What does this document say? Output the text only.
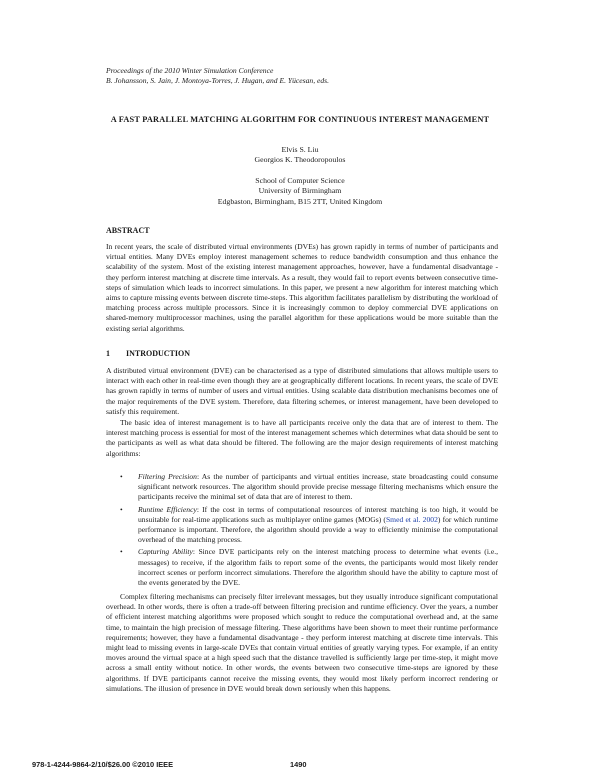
Proceedings of the 2010 Winter Simulation Conference
B. Johansson, S. Jain, J. Montoya-Torres, J. Hugan, and E. Yücesan, eds.
A FAST PARALLEL MATCHING ALGORITHM FOR CONTINUOUS INTEREST MANAGEMENT
Elvis S. Liu
Georgios K. Theodoropoulos
School of Computer Science
University of Birmingham
Edgbaston, Birmingham, B15 2TT, United Kingdom
ABSTRACT

In recent years, the scale of distributed virtual environments (DVEs) has grown rapidly in terms of number of participants and virtual entities. Many DVEs employ interest management schemes to reduce bandwidth consumption and thus enhance the scalability of the system. Most of the existing interest management approaches, however, have a fundamental disadvantage - they perform interest matching at discrete time intervals. As a result, they would fail to report events between consecutive time-steps of simulation which leads to incorrect simulations. In this paper, we present a new algorithm for interest matching which aims to capture missing events between discrete time-steps. This algorithm facilitates parallelism by distributing the workload of matching process across multiple processors. Since it is increasingly common to deploy commercial DVE applications on shared-memory multiprocessor machines, using the parallel algorithm for these applications would be more suitable than the existing serial algorithms.

1  INTRODUCTION

A distributed virtual environment (DVE) can be characterised as a type of distributed simulations that allows multiple users to interact with each other in real-time even though they are at geographically different locations. In recent years, the scale of DVE has grown rapidly in terms of number of users and virtual entities. Using scalable data distribution mechanisms becomes one of the major requirements of the DVE system. Therefore, data filtering schemes, or interest management, have been developed to satisfy this requirement.

The basic idea of interest management is to have all participants receive only the data that are of interest to them. The interest matching process is essential for most of the interest management schemes which determines what data should be sent to the participants as well as what data should be filtered. The following are the major design requirements of interest matching algorithms:

• Filtering Precision: As the number of participants and virtual entities increase, state broadcasting could consume significant network resources. The algorithm should provide precise message filtering mechanisms which ensure the participants receive the minimal set of data that are of interest to them.
• Runtime Efficiency: If the cost in terms of computational resources of interest matching is too high, it would be unsuitable for real-time applications such as multiplayer online games (MOGs) (Smed et al. 2002) for which runtime performance is important. Therefore, the algorithm should provide a way to efficiently minimise the computational overhead of the matching process.
• Capturing Ability: Since DVE participants rely on the interest matching process to determine what events (i.e., messages) to receive, if the algorithm fails to report some of the events, the participants would most likely render incorrect scenes or perform incorrect simulations. Therefore the algorithm should have the ability to capture most of the events generated by the DVE.

Complex filtering mechanisms can precisely filter irrelevant messages, but they usually introduce significant computational overhead. In other words, there is often a trade-off between filtering precision and runtime efficiency. Over the years, a number of efficient interest matching algorithms were proposed which sought to reduce the computational overhead and, at the same time, to maintain the high precision of message filtering. These algorithms have been shown to meet their runtime performance requirements; however, they have a fundamental disadvantage - they perform interest matching at discrete time intervals. This might lead to missing events in large-scale DVEs that contain virtual entities of greatly varying types. For example, if an entity moves around the virtual space at a high speed such that the distance travelled is sufficiently large per time-step, it might move across a small entity without notice. In other words, the events between two consecutive time-steps are ignored by these algorithms. If DVE participants cannot receive the missing events, they would most likely perform incorrect rendering or simulations. The illusion of presence in DVE would break down seriously when this happens.

978-1-4244-9864-2/10/$26.00 ©2010 IEEE	1490
